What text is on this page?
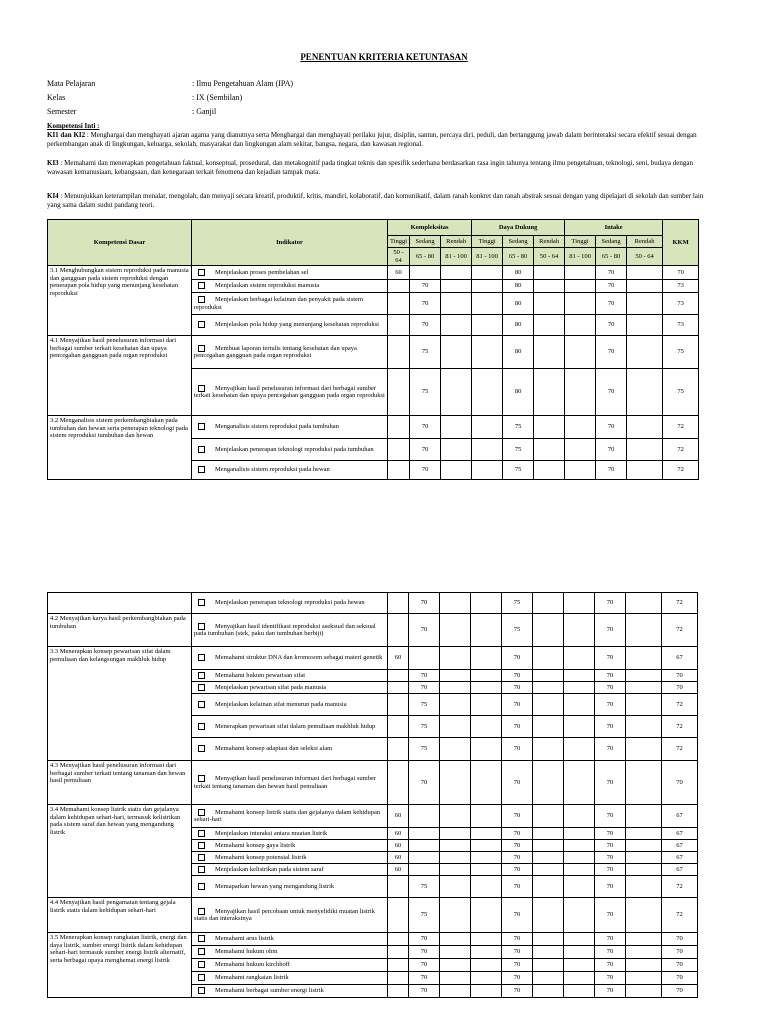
PENENTUAN KRITERIA KETUNTASAN
Mata Pelajaran	: Ilmu Pengetahuan Alam (IPA)
Kelas	: IX (Sembilan)
Semester	: Ganjil
Kompetensi Inti :
KI1 dan KI2 : Menghargai dan menghayati ajaran agama yang dianutnya serta Menghargai dan menghayati perilaku jujur, disiplin, santun, percaya diri, peduli, dan bertanggung jawab dalam berinteraksi secara efektif sesuai dengan perkembangan anak di lingkungan, keluarga, sekolah, masyarakat dan lingkungan alam sekitar, bangsa, negara, dan kawasan regional.
KI3 : Memahami dan menerapkan pengetahuan faktual, konseptual, prosedural, dan metakognitif pada tingkat teknis dan spesifik sederhana berdasarkan rasa ingin tahunya tentang ilmu pengetahuan, teknologi, seni, budaya dengan wawasan kemanusiaan, kebangsaan, dan kenegaraan terkait fenomena dan kejadian tampak mata.
KI4 : Menunjukkan keterampilan menalar, mengolah, dan menyaji secara kreatif, produktif, kritis, mandiri, kolaboratif, dan komunikatif, dalam ranah konkret dan ranah abstrak sesuai dengan yang dipelajari di sekolah dan sumber lain yang sama dalam sudut pandang teori.
Kompetensi Dasar	Indikator	Kompleksitas			Daya Dukung			Intake			KKM
		Tinggi	Sedang	Rendah	Tinggi	Sedang	Rendah	Tinggi	Sedang	Rendah	
		50 - 64	65 - 80	81 - 100	81 - 100	65 - 80	50 - 64	81 - 100	65 - 80	50 - 64	
3.1 Menghubungkan sistem reproduksi pada manusia dan gangguan pada sistem reproduksi dengan penerapan pola hidup yang menunjang kesehatan reproduksi	Menjelaskan proses pembelahan sel	60				80			70		70
	Menjelaskan sistem reproduksi manusia		70			80			70		73
	Menjelaskan berbagai kelainan dan penyakit pada sistem reproduksi		70			80			70		73
	Menjelaskan pola hidup yang menunjang kesehatan reproduksi		70			80			70		73
4.1 Menyajikan hasil penelusuran informasi dari berbagai sumber terkait kesehatan dan upaya pencegahan gangguan pada organ reproduksi	Membuat laporan tertulis tentang kesehatan dan upaya pencegahan gangguan pada organ reproduksi		75			80			70		75
	Menyajikan hasil penelusuran informasi dari berbagai sumber terkait kesehatan dan upaya pencegahan gangguan pada organ reproduksi		75			80			70		75
3.2 Menganalisis sistem perkembangbiakan pada tumbuhan dan hewan serta penerapan teknologi pada sistem reproduksi tumbuhan dan hewan	Menganalisis sistem reproduksi pada tumbuhan		70			75			70		72
	Menjelaskan penerapan teknologi reproduksi pada tumbuhan		70			75			70		72
	Menganalisis sistem reproduksi pada hewan		70			75			70		72
	Menjelaskan penerapan teknologi reproduksi pada hewan		70			75			70		72
4.2 Menyajikan karya hasil perkembangbiakan pada tumbuhan	Menyajikan hasil identifikasi reproduksi aseksual dan seksual pada tumbuhan (stek, paku dan tumbuhan berbiji)		70			75			70		72
3.3 Menerapkan konsep pewarisan sifat dalam pemuliaan dan kelangsungan makhluk hidup	Memahami struktur DNA dan kromosom sebagai materi genetik	60				70			70		67
	Memahami hukum pewarisan sifat		70			70			70		70
	Menjelaskan pewarisan sifat pada manusia		70			70			70		70
	Menjelaskan kelainan sifat menurun pada manusia		75			70			70		72
	Menerapkan pewarisan sifat dalam pemuliaan makhluk hidup		75			70			70		72
	Memahami konsep adaptasi dan seleksi alam		75			70			70		72
4.3 Menyajikan hasil penelusuran informasi dari berbagai sumber terkait tentang tanaman dan hewan hasil pemuliaan	Menyajikan hasil penelusuran informasi dari berbagai sumber terkait tentang tanaman dan hewan hasil pemuliaan		70			70			70		70
3.4 Memahami konsep listrik statis dan gejalanya dalam kehidupan sehari-hari, termasuk kelistrikan pada sistem saraf dan hewan yang mengandung listrik	Memahami konsep listrik statis dan gejalanya dalam kehidupan sehari-hari	60				70			70		67
	Menjelaskan interaksi antara muatan listrik	60				70			70		67
	Memahami konsep gaya listrik	60				70			70		67
	Memahami konsep potensial listrik	60				70			70		67
	Menjelaskan kelistrikan pada sistem saraf	60				70			70		67
	Memaparkan hewan yang mengandung listrik		75			70			70		72
4.4 Menyajikan hasil pengamatan tentang gejala listrik statis dalam kehidupan sehari-hari	Menyajikan hasil percobaan untuk menyelidiki muatan listrik statis dan interaksinya		75			70			70		72
3.5 Menerapkan konsep rangkaian listrik, energi dan daya listrik, sumber energi listrik dalam kehidupan sehari-hari termasuk sumber energi listrik alternatif, serta berbagai upaya menghemat energi listrik	Memahami arus listrik		70			70			70		70
	Memahami hukum ohm		70			70			70		70
	Memahami hukum kirchhoff		70			70			70		70
	Memahami rangkaian listrik		70			70			70		70
	Memahami berbagai sumber energi listrik		70			70			70		70
